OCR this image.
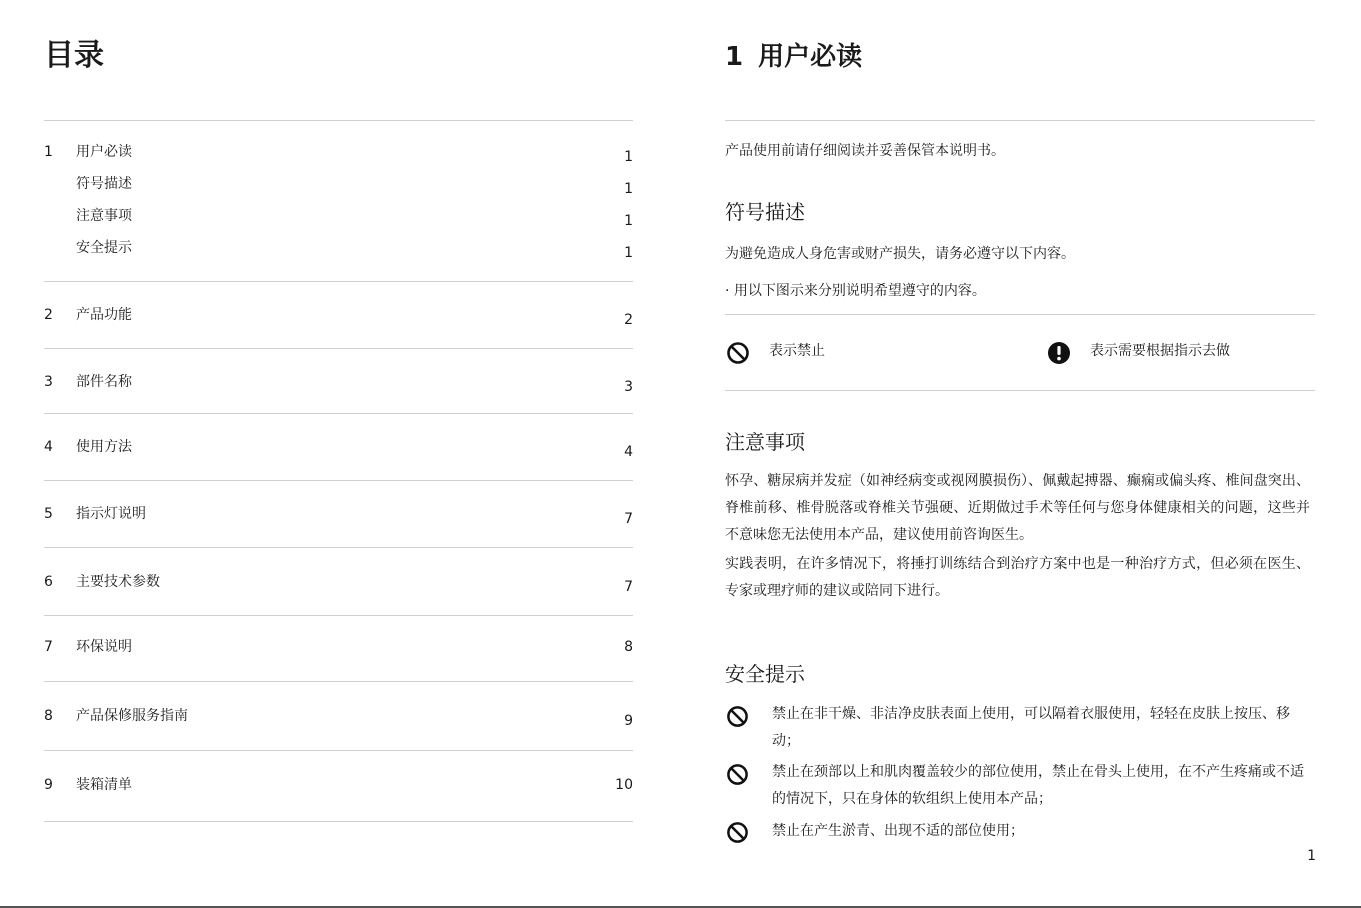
目录
1	用户必读	1
符号描述	1
注意事项	1
安全提示	1
2	产品功能	2
3	部件名称	3
4	使用方法	4
5	指示灯说明	7
6	主要技术参数	7
7	环保说明	8
8	产品保修服务指南	9
9	装箱清单	10
1 用户必读
产品使用前请仔细阅读并妥善保管本说明书。
符号描述
为避免造成人身危害或财产损失，请务必遵守以下内容。
· 用以下图示来分别说明希望遵守的内容。
表示禁止	表示需要根据指示去做
注意事项

怀孕、糖尿病并发症（如神经病变或视网膜损伤）、佩戴起搏器、癫痫或偏头疼、椎间盘突出、脊椎前移、椎骨脱落或脊椎关节强硬、近期做过手术等任何与您身体健康相关的问题，这些并不意味您无法使用本产品，建议使用前咨询医生。

实践表明，在许多情况下，将捶打训练结合到治疗方案中也是一种治疗方式，但必须在医生、专家或理疗师的建议或陪同下进行。

安全提示

禁止在非干燥、非洁净皮肤表面上使用，可以隔着衣服使用，轻轻在皮肤上按压、移动；

禁止在颈部以上和肌肉覆盖较少的部位使用，禁止在骨头上使用，在不产生疼痛或不适的情况下，只在身体的软组织上使用本产品；

禁止在产生淤青、出现不适的部位使用；

1
